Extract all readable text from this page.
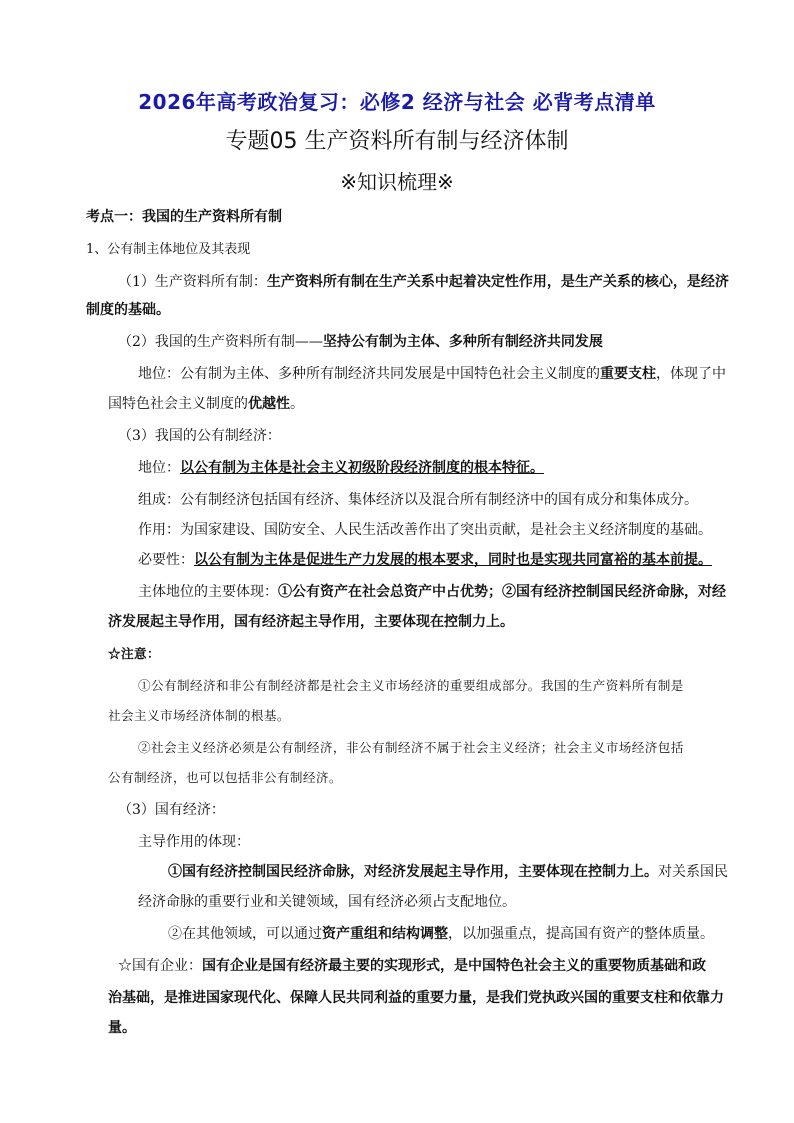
2026年高考政治复习：必修2 经济与社会 必背考点清单
专题05 生产资料所有制与经济体制
※知识梳理※
考点一：我国的生产资料所有制
1、公有制主体地位及其表现
（1）生产资料所有制：生产资料所有制在生产关系中起着决定性作用，是生产关系的核心，是经济
制度的基础。
（2）我国的生产资料所有制——坚持公有制为主体、多种所有制经济共同发展
地位：公有制为主体、多种所有制经济共同发展是中国特色社会主义制度的重要支柱，体现了中
国特色社会主义制度的优越性。
（3）我国的公有制经济：
地位：以公有制为主体是社会主义初级阶段经济制度的根本特征。
组成：公有制经济包括国有经济、集体经济以及混合所有制经济中的国有成分和集体成分。
作用：为国家建设、国防安全、人民生活改善作出了突出贡献，是社会主义经济制度的基础。
必要性：以公有制为主体是促进生产力发展的根本要求，同时也是实现共同富裕的基本前提。
主体地位的主要体现：①公有资产在社会总资产中占优势；②国有经济控制国民经济命脉，对经
济发展起主导作用，国有经济起主导作用，主要体现在控制力上。
☆注意：
①公有制经济和非公有制经济都是社会主义市场经济的重要组成部分。我国的生产资料所有制是
社会主义市场经济体制的根基。
②社会主义经济必须是公有制经济，非公有制经济不属于社会主义经济；社会主义市场经济包括
公有制经济，也可以包括非公有制经济。
（3）国有经济：
主导作用的体现：
①国有经济控制国民经济命脉，对经济发展起主导作用，主要体现在控制力上。对关系国民
经济命脉的重要行业和关键领域，国有经济必须占支配地位。
②在其他领域，可以通过资产重组和结构调整，以加强重点，提高国有资产的整体质量。
☆国有企业：国有企业是国有经济最主要的实现形式，是中国特色社会主义的重要物质基础和政
治基础，是推进国家现代化、保障人民共同利益的重要力量，是我们党执政兴国的重要支柱和依靠力
量。
